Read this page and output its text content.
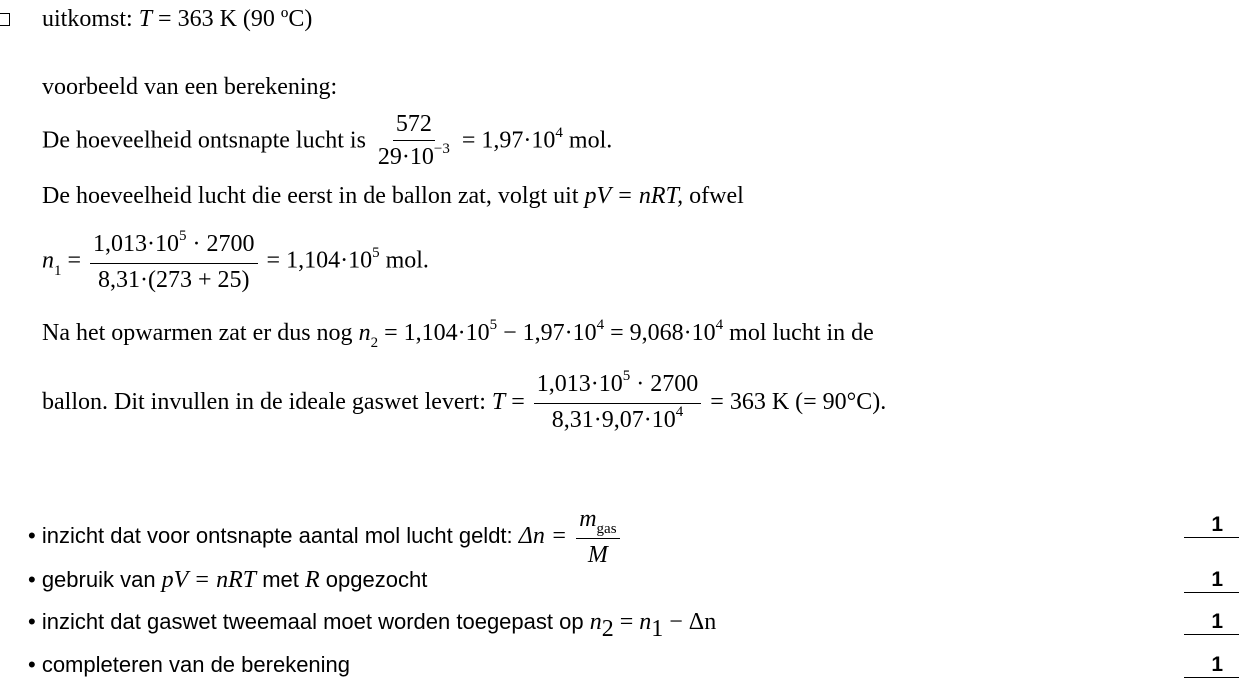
uitkomst: T = 363 K (90 ºC)
voorbeeld van een berekening:
De hoeveelheid ontsnapte lucht is $\frac{572}{29\cdot 10^{-3}} = 1,97\cdot 10^4$ mol.
De hoeveelheid lucht die eerst in de ballon zat, volgt uit pV = nRT, ofwel
$n_1 = \frac{1,013\cdot 10^5 \cdot 2700}{8,31\cdot(273 + 25)} = 1,104\cdot 10^5$ mol.
Na het opwarmen zat er dus nog $n_2 = 1,104\cdot 10^5 - 1,97\cdot 10^4 = 9,068\cdot 10^4$ mol lucht in de
ballon. Dit invullen in de ideale gaswet levert: $T = \frac{1,013\cdot 10^5 \cdot 2700}{8,31\cdot 9,07\cdot 10^4} = 363$ K (= 90°C).
• inzicht dat voor ontsnapte aantal mol lucht geldt: $\Delta n = \frac{m_{gas}}{M}$	1
• gebruik van pV = nRT met R opgezocht	1
• inzicht dat gaswet tweemaal moet worden toegepast op $n_2 = n_1 - \Delta n$	1
• completeren van de berekening	1
